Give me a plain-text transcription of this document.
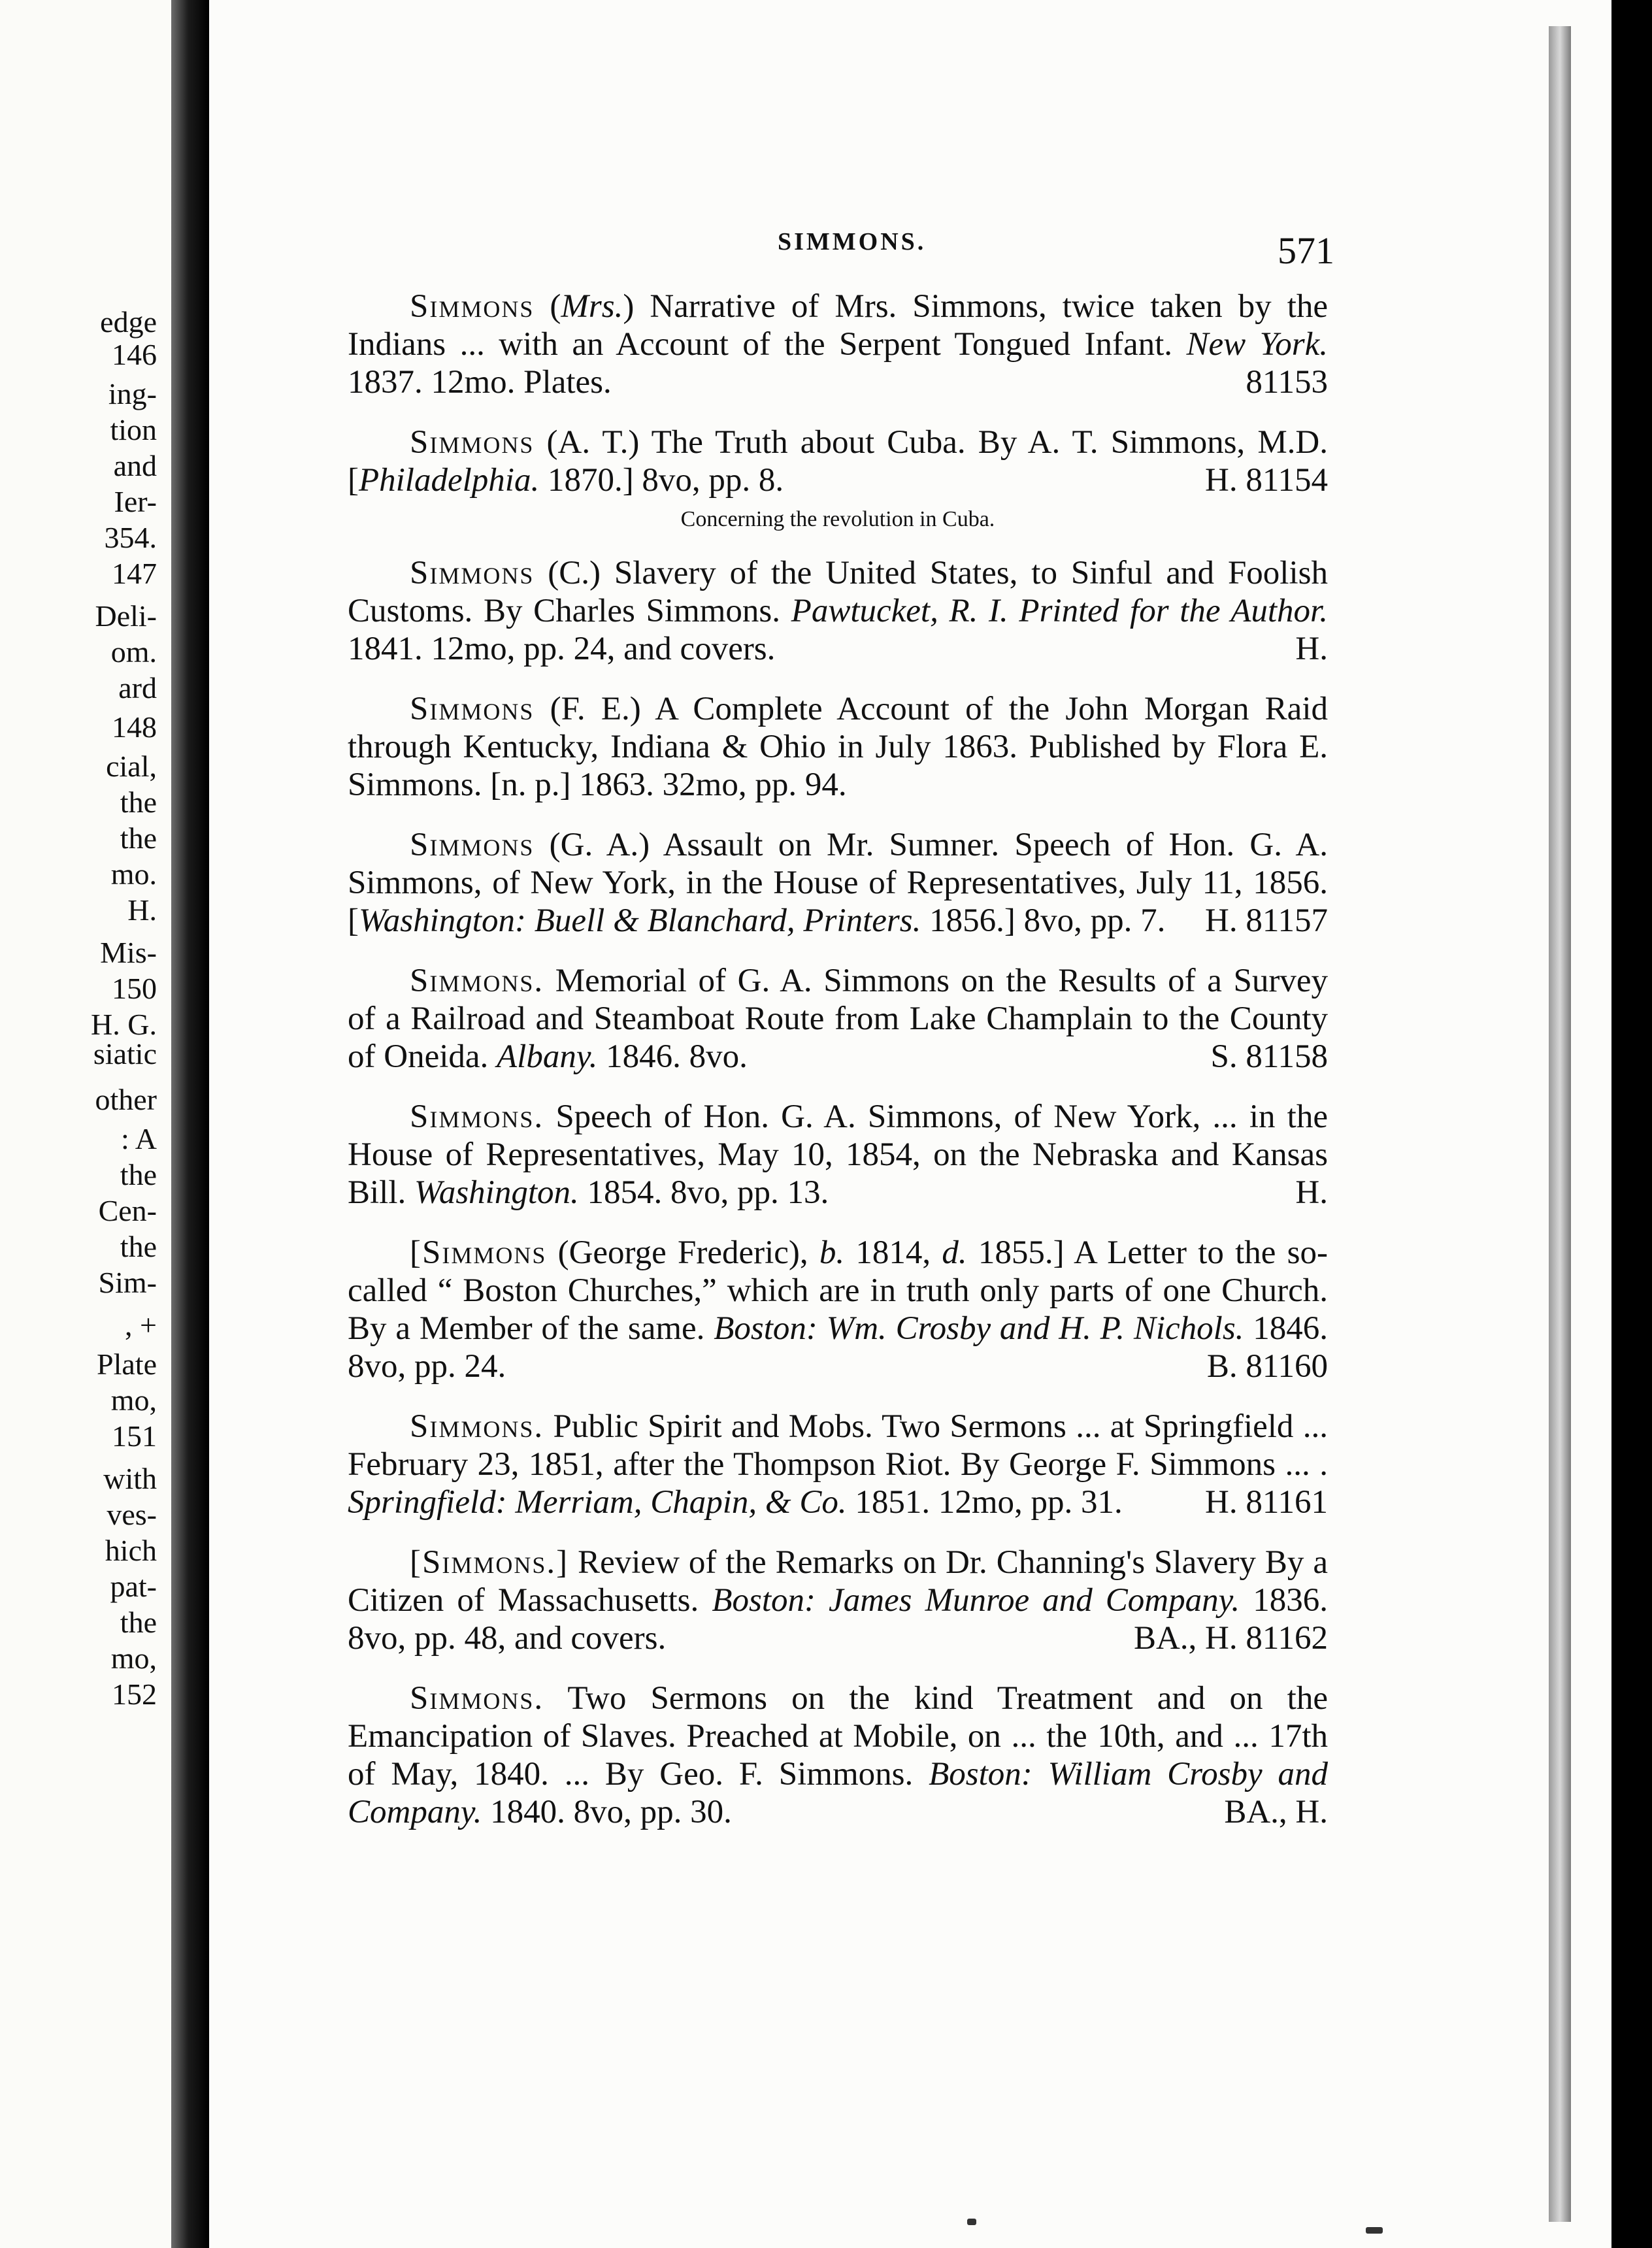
edge
146
ing-
tion
and
Ier-
354.
147
Deli-
om.
ard
148
cial,
the
the
mo.
H.
Mis-
150
H. G.
siatic
other
: A
the
Cen-
the
Sim-
, +
Plate
mo,
151
with
ves-
hich
pat-
the
mo,
152
SIMMONS.	571
Simmons (Mrs.) Narrative of Mrs. Simmons, twice taken by the Indians ... with an Account of the Serpent Tongued Infant. New York. 1837. 12mo. Plates.	81153
Simmons (A. T.) The Truth about Cuba. By A. T. Simmons, M.D. [Philadelphia. 1870.] 8vo, pp. 8.	H. 81154
Concerning the revolution in Cuba.
Simmons (C.) Slavery of the United States, to Sinful and Foolish Customs. By Charles Simmons. Pawtucket, R. I. Printed for the Author. 1841. 12mo, pp. 24, and covers.	H.
Simmons (F. E.) A Complete Account of the John Morgan Raid through Kentucky, Indiana & Ohio in July 1863. Published by Flora E. Simmons. [n. p.] 1863. 32mo, pp. 94.
Simmons (G. A.) Assault on Mr. Sumner. Speech of Hon. G. A. Simmons, of New York, in the House of Representatives, July 11, 1856. [Washington: Buell & Blanchard, Printers. 1856.] 8vo, pp. 7. H. 81157
Simmons. Memorial of G. A. Simmons on the Results of a Survey of a Railroad and Steamboat Route from Lake Champlain to the County of Oneida. Albany. 1846. 8vo.	S. 81158
Simmons. Speech of Hon. G. A. Simmons, of New York, ... in the House of Representatives, May 10, 1854, on the Nebraska and Kansas Bill. Washington. 1854. 8vo, pp. 13.	H.
[Simmons (George Frederic), b. 1814, d. 1855.] A Letter to the so-called “ Boston Churches,” which are in truth only parts of one Church. By a Member of the same. Boston: Wm. Crosby and H. P. Nichols. 1846. 8vo, pp. 24.	B. 81160
Simmons. Public Spirit and Mobs. Two Sermons ... at Springfield ... February 23, 1851, after the Thompson Riot. By George F. Simmons ... . Springfield: Merriam, Chapin, & Co. 1851. 12mo, pp. 31. H. 81161
[Simmons.] Review of the Remarks on Dr. Channing's Slavery By a Citizen of Massachusetts. Boston: James Munroe and Company. 1836. 8vo, pp. 48, and covers.	BA., H. 81162
Simmons. Two Sermons on the kind Treatment and on the Emancipation of Slaves. Preached at Mobile, on ... the 10th, and ... 17th of May, 1840. ... By Geo. F. Simmons. Boston: William Crosby and Company. 1840. 8vo, pp. 30.	BA., H.
